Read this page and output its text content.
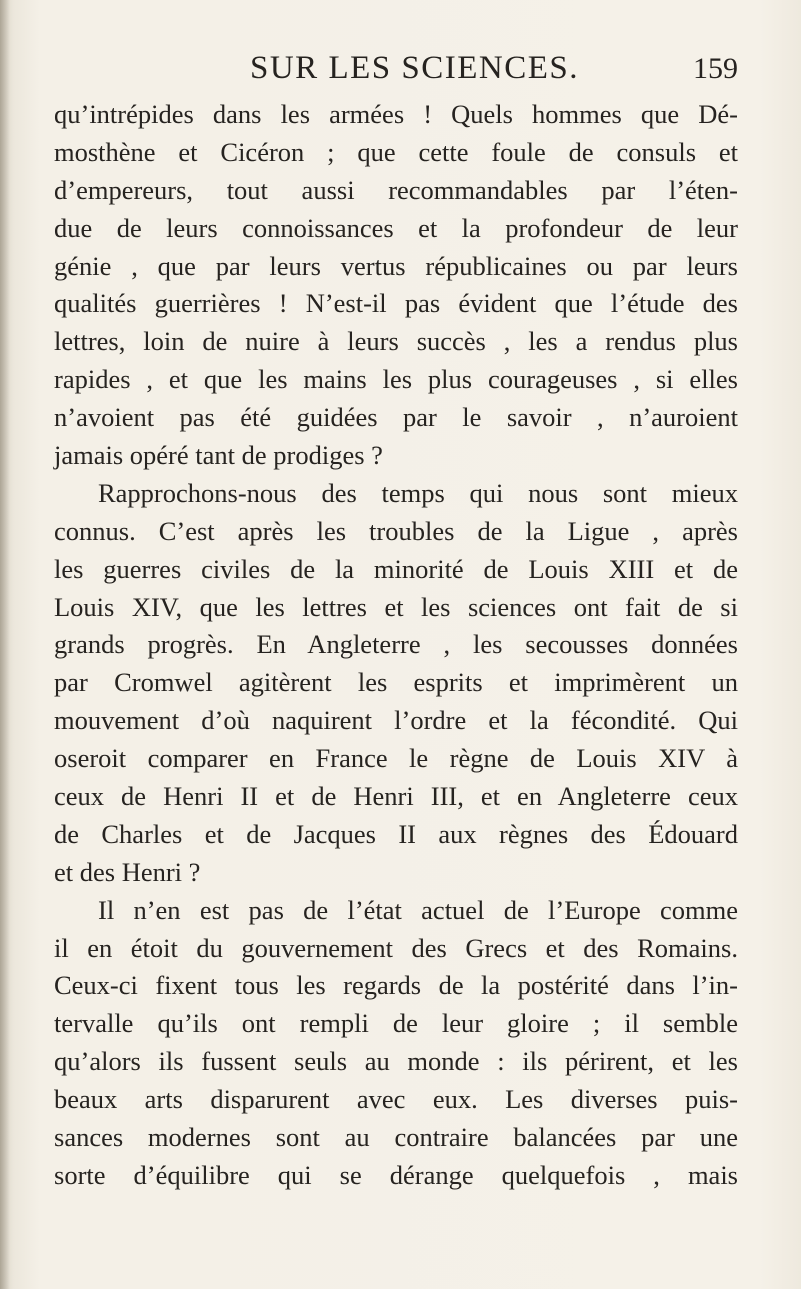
SUR LES SCIENCES.	159
qu’intrépides dans les armées ! Quels hommes que Dé-
mosthène et Cicéron ; que cette foule de consuls et
d’empereurs, tout aussi recommandables par l’éten-
due de leurs connoissances et la profondeur de leur
génie , que par leurs vertus républicaines ou par leurs
qualités guerrières ! N’est-il pas évident que l’étude des
lettres, loin de nuire à leurs succès , les a rendus plus
rapides , et que les mains les plus courageuses , si elles
n’avoient pas été guidées par le savoir , n’auroient
jamais opéré tant de prodiges ?
Rapprochons-nous des temps qui nous sont mieux
connus. C’est après les troubles de la Ligue , après
les guerres civiles de la minorité de Louis XIII et de
Louis XIV, que les lettres et les sciences ont fait de si
grands progrès. En Angleterre , les secousses données
par Cromwel agitèrent les esprits et imprimèrent un
mouvement d’où naquirent l’ordre et la fécondité. Qui
oseroit comparer en France le règne de Louis XIV à
ceux de Henri II et de Henri III, et en Angleterre ceux
de Charles et de Jacques II aux règnes des Édouard
et des Henri ?
Il n’en est pas de l’état actuel de l’Europe comme
il en étoit du gouvernement des Grecs et des Romains.
Ceux-ci fixent tous les regards de la postérité dans l’in-
tervalle qu’ils ont rempli de leur gloire ; il semble
qu’alors ils fussent seuls au monde : ils périrent, et les
beaux arts disparurent avec eux. Les diverses puis-
sances modernes sont au contraire balancées par une
sorte d’équilibre qui se dérange quelquefois , mais
